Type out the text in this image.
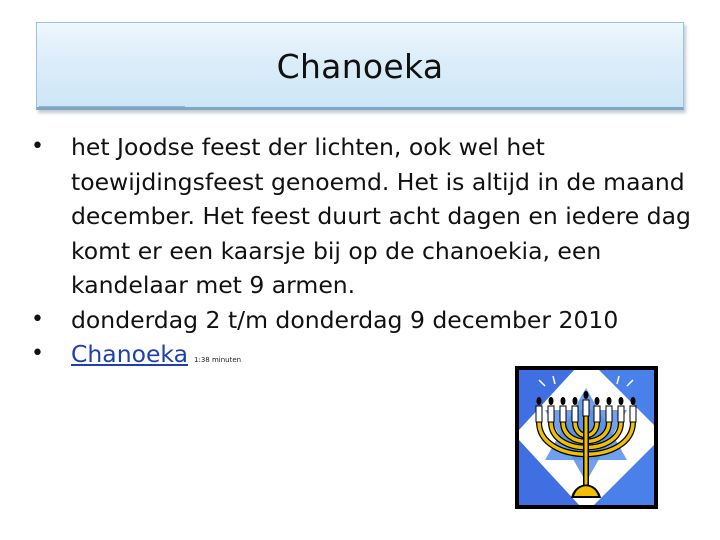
Chanoeka
• het Joodse feest der lichten, ook wel het toewijdingsfeest genoemd. Het is altijd in de maand december. Het feest duurt acht dagen en iedere dag komt er een kaarsje bij op de chanoekia, een kandelaar met 9 armen.
• donderdag 2 t/m donderdag 9 december 2010
• Chanoeka 1:38 minuten
